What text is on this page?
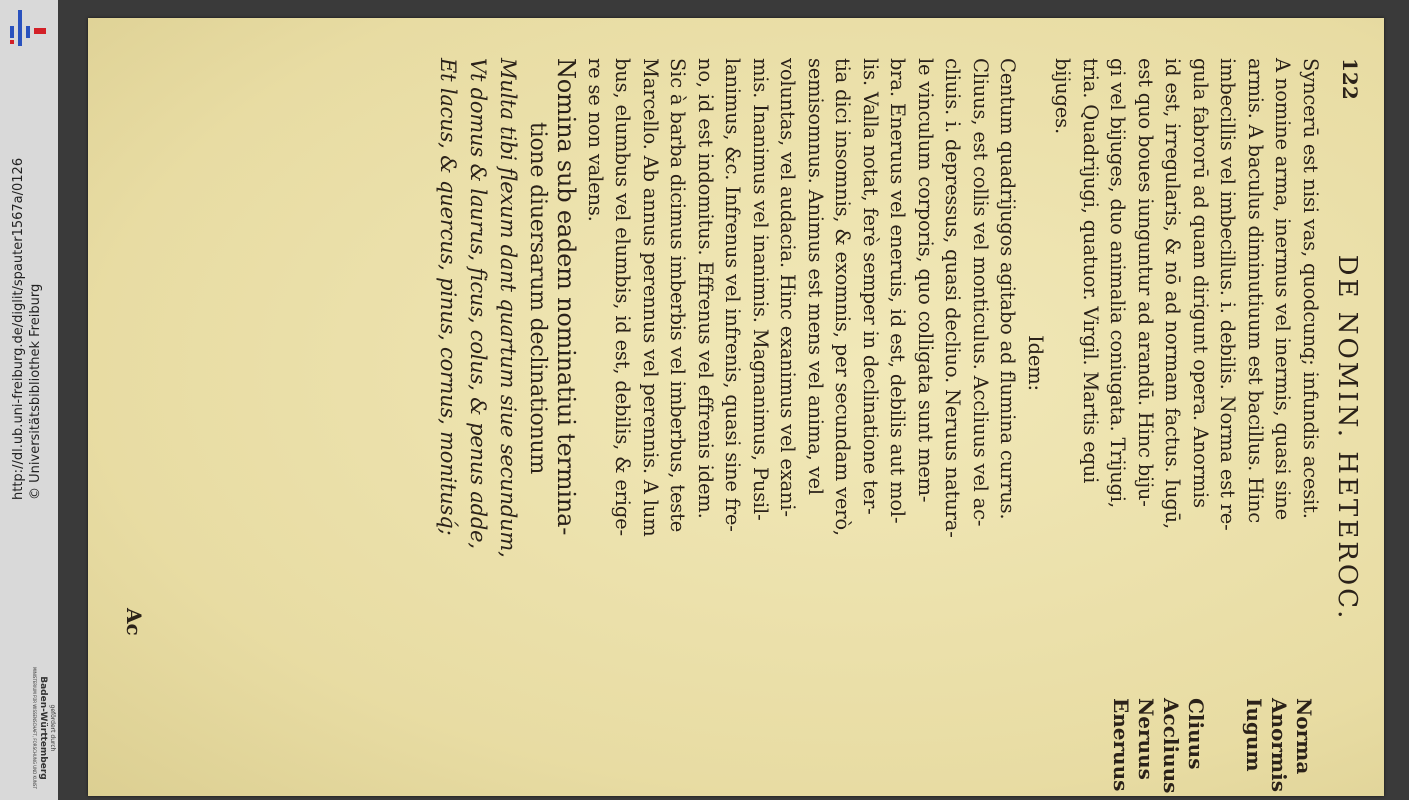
http://dl.ub.uni-freiburg.de/diglit/spauter1567a/0126 © Universitätsbibliothek Freiburg
gefördert durch
Baden-Württemberg
MINISTERIUM FÜR WISSENSCHAFT, FORSCHUNG UND KUNST
122
DE NOMIN. HETEROC.

Syncerū est nisi vas, quodcunq; infundis acesit.

A nomine arma, inermus vel inermis, quasi sine

armis. A baculus diminutiuum est bacillus. Hinc

imbecillis vel imbecillus. i. debilis. Norma est re-

gula fabrorū ad quam dirigunt opera. Anormis

id est, irregularis, & nō ad normam factus. Iugū,

est quo boues iunguntur ad arandū. Hinc biju-

gi vel bijuges, duo animalia coniugata. Trijugi,

tria. Quadrijugi, quatuor. Virgil. Martis equi

bijuges.

Idem:

Centum quadrijugos agitabo ad flumina currus.

Cliuus, est collis vel monticulus. Accliuus vel ac-

cliuis. i. depressus, quasi decliuo. Neruus natura-

le vinculum corporis, quo colligata sunt mem-

bra. Eneruus vel eneruis, id est, debilis aut mol-

lis. Valla notat, ferè semper in declinatione ter-

tia dici insomnis, & exomnis, per secundam verò,

semisomnus. Animus est mens vel anima, vel

voluntas, vel audacia. Hinc exanimus vel exani-

mis. Inanimus vel inanimis. Magnanimus, Pusil-

lanimus, &c. Infrenus vel infrenis, quasi sine fre-

no, id est indomitus. Effrenus vel effrenis idem.

Sic à barba dicimus imberbis vel imberbus, teste

Marcello. Ab annus perennus vel perennis. A lum

bus, elumbus vel elumbis, id est, debilis, & erige-

re se non valens.

Nomina sub eadem nominatiui termina-

tione diuersarum declinationum

Multa tibi flexum dant quartum siue secundum,

Vt domus & laurus, ficus, colus, & penus adde,

Et lacus, & quercus, pinus, cornus, monitusq́;

Norma
Anormis
Iugum
Cliuus
Accliuus
Neruus
Eneruus
Ac
